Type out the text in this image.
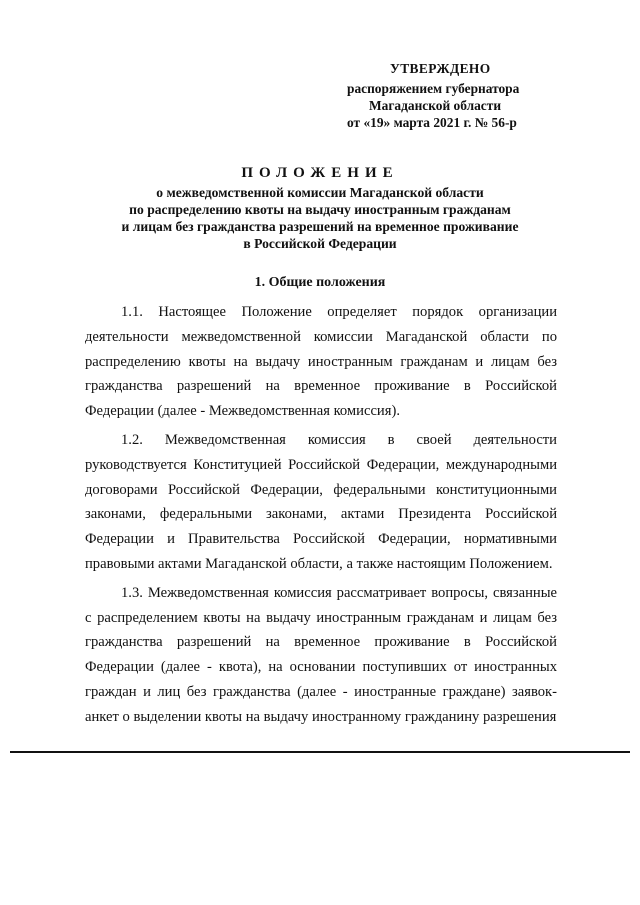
УТВЕРЖДЕНО
распоряжением губернатора
Магаданской области
от «19» марта 2021 г. № 56-р
ПОЛОЖЕНИЕ
о межведомственной комиссии Магаданской области
по распределению квоты на выдачу иностранным гражданам
и лицам без гражданства разрешений на временное проживание
в Российской Федерации
1. Общие положения

1.1. Настоящее Положение определяет порядок организации деятельности межведомственной комиссии Магаданской области по распределению квоты на выдачу иностранным гражданам и лицам без гражданства разрешений на временное проживание в Российской Федерации (далее - Межведомственная комиссия).

1.2. Межведомственная комиссия в своей деятельности руководствуется Конституцией Российской Федерации, международными договорами Российской Федерации, федеральными конституционными законами, федеральными законами, актами Президента Российской Федерации и Правительства Российской Федерации, нормативными правовыми актами Магаданской области, а также настоящим Положением.

1.3. Межведомственная комиссия рассматривает вопросы, связанные с распределением квоты на выдачу иностранным гражданам и лицам без гражданства разрешений на временное проживание в Российской Федерации (далее - квота), на основании поступивших от иностранных граждан и лиц без гражданства (далее - иностранные граждане) заявок-анкет о выделении квоты на выдачу иностранному гражданину разрешения
